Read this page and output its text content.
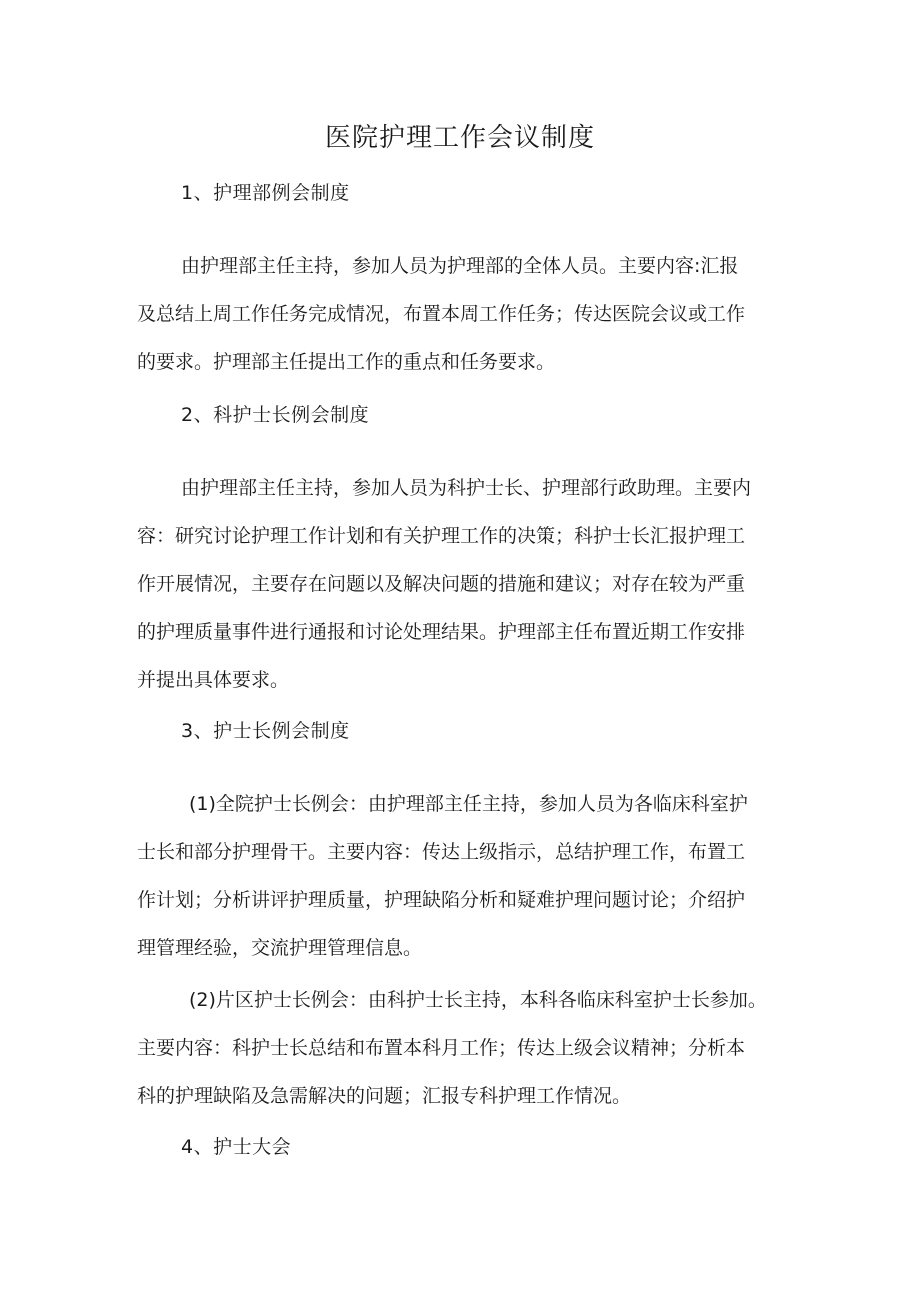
医院护理工作会议制度
1、护理部例会制度
由护理部主任主持，参加人员为护理部的全体人员。主要内容:汇报
及总结上周工作任务完成情况，布置本周工作任务；传达医院会议或工作
的要求。护理部主任提出工作的重点和任务要求。
2、科护士长例会制度
由护理部主任主持，参加人员为科护士长、护理部行政助理。主要内
容：研究讨论护理工作计划和有关护理工作的决策；科护士长汇报护理工
作开展情况，主要存在问题以及解决问题的措施和建议；对存在较为严重
的护理质量事件进行通报和讨论处理结果。护理部主任布置近期工作安排
并提出具体要求。
3、护士长例会制度
(1)全院护士长例会：由护理部主任主持，参加人员为各临床科室护
士长和部分护理骨干。主要内容：传达上级指示，总结护理工作，布置工
作计划；分析讲评护理质量，护理缺陷分析和疑难护理问题讨论；介绍护
理管理经验，交流护理管理信息。
(2)片区护士长例会：由科护士长主持，本科各临床科室护士长参加。
主要内容：科护士长总结和布置本科月工作；传达上级会议精神；分析本
科的护理缺陷及急需解决的问题；汇报专科护理工作情况。
4、护士大会
